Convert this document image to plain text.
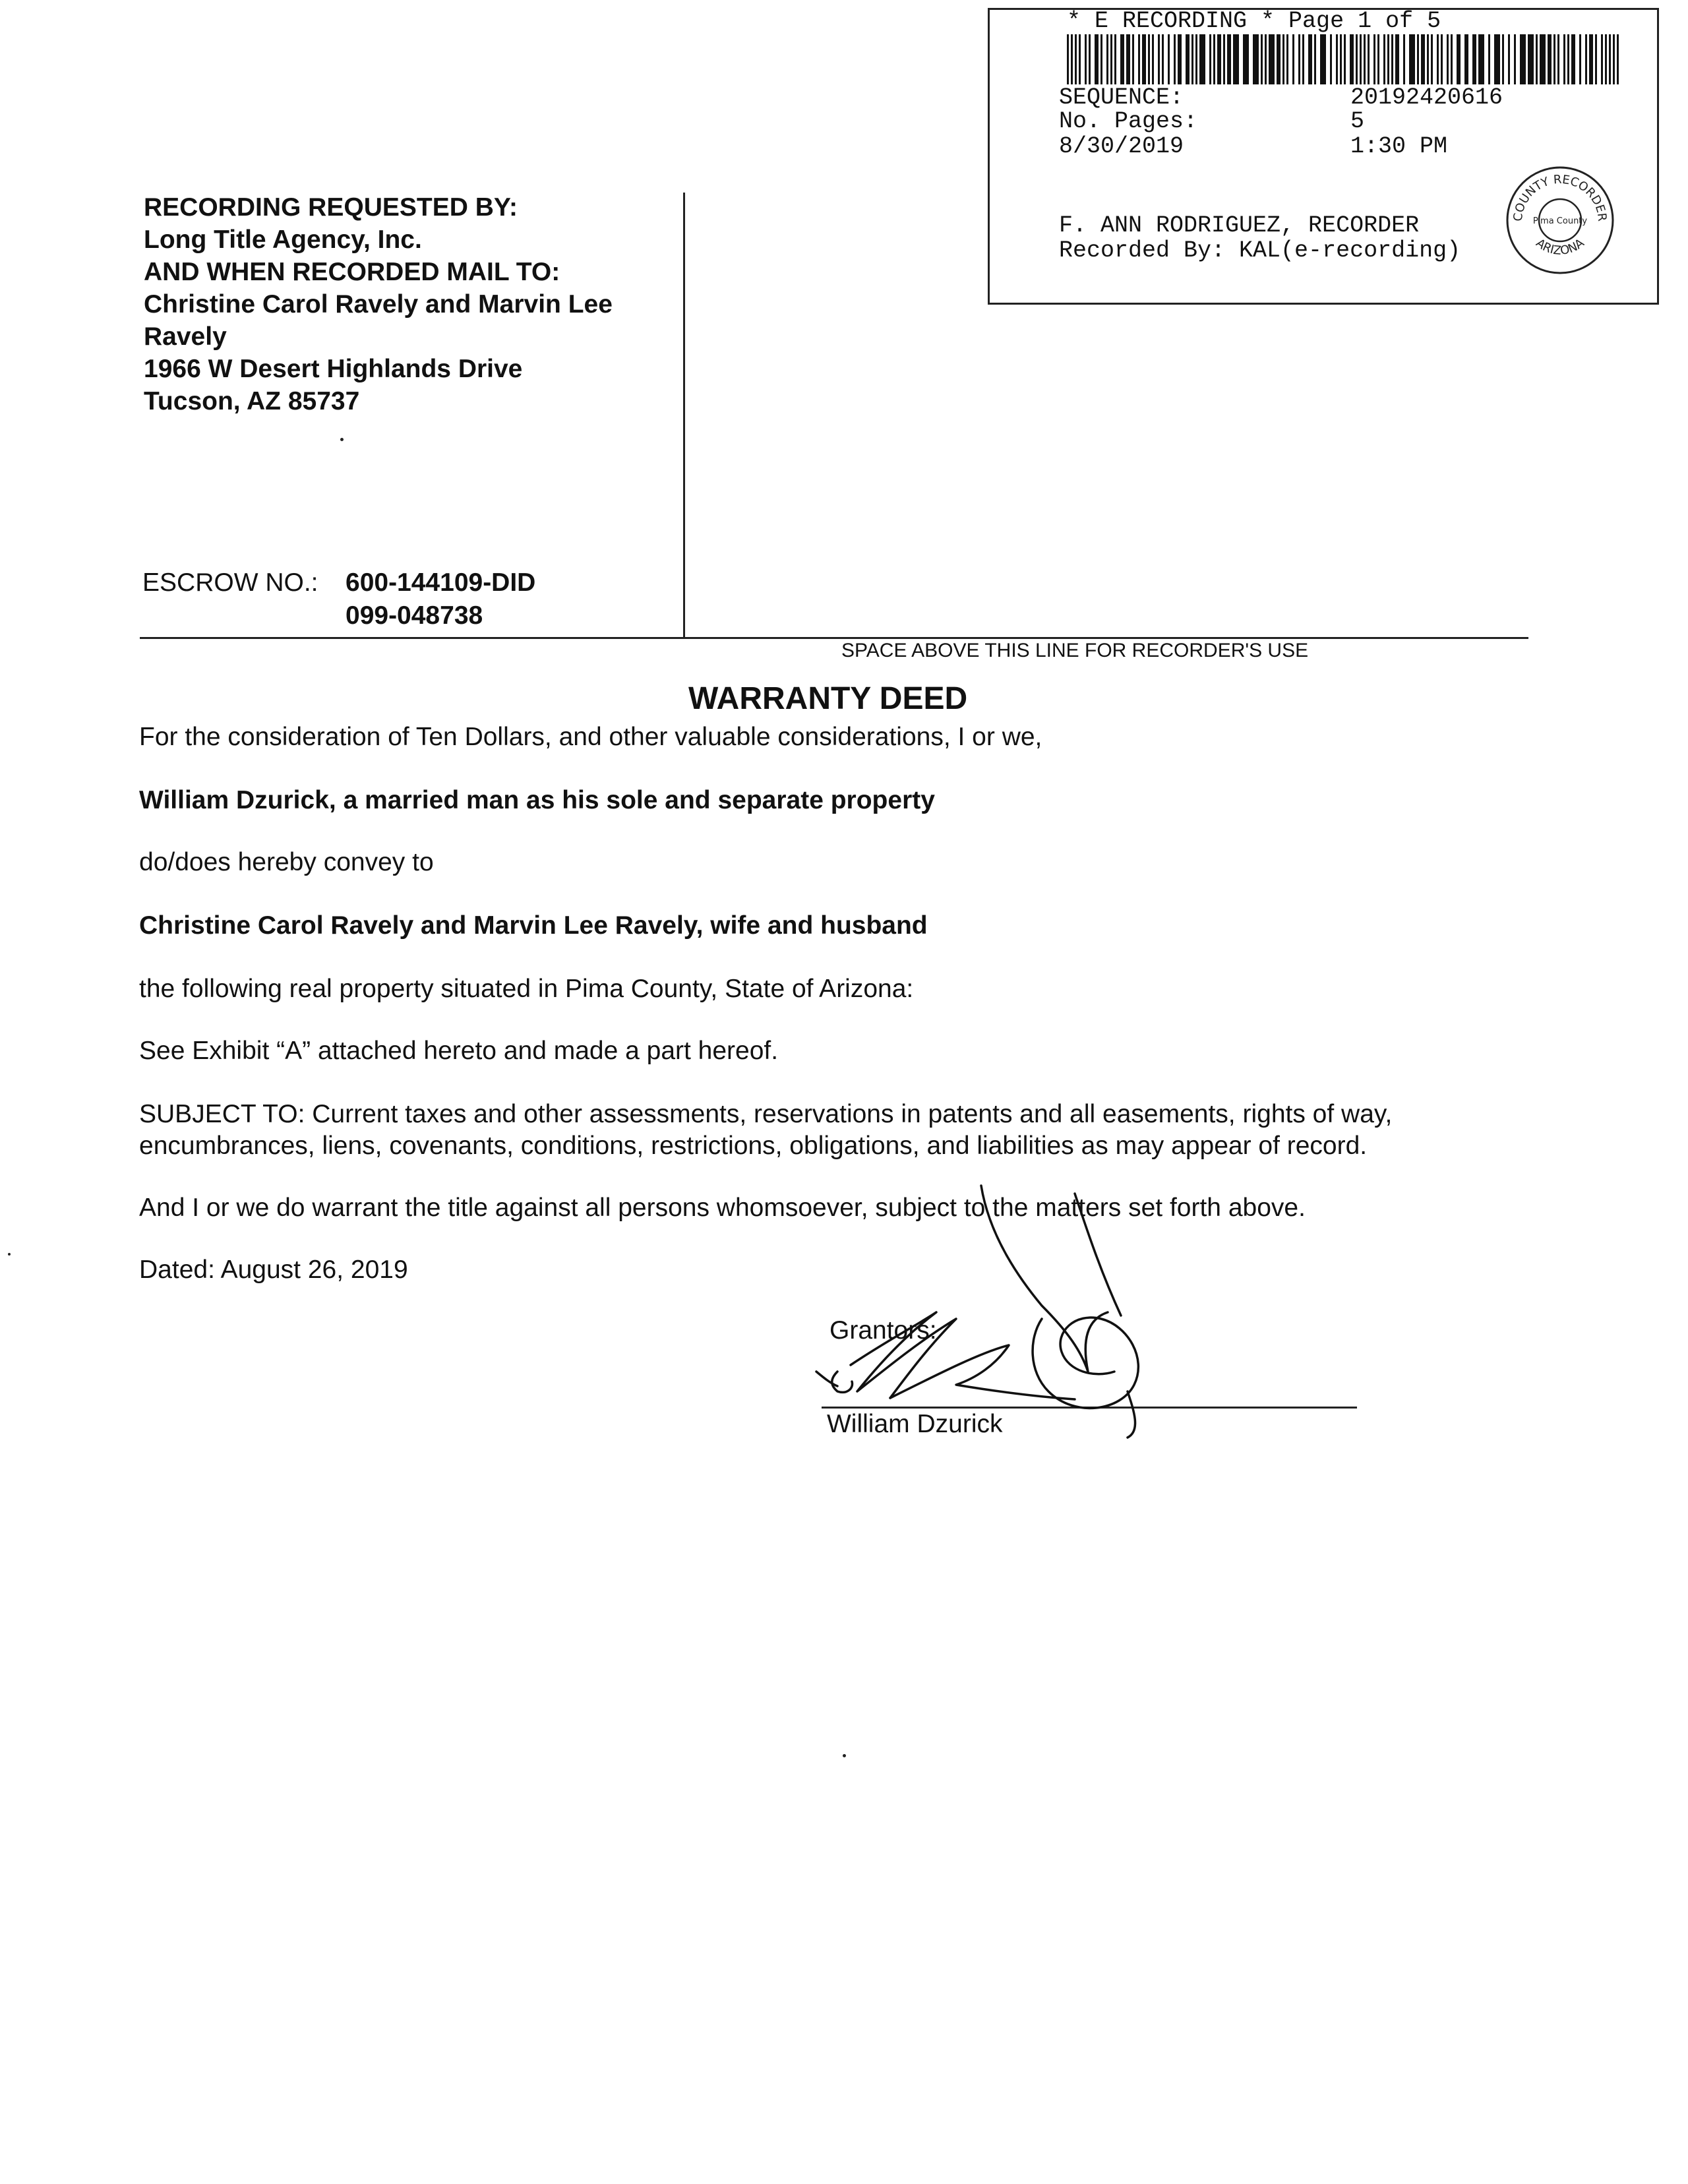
* E RECORDING * Page 1 of 5
SEQUENCE:	20192420616
No. Pages:	5
8/30/2019	1:30 PM
F. ANN RODRIGUEZ, RECORDER
Recorded By: KAL(e-recording)
COUNTY RECORDER
ARIZONA
Pima County
RECORDING REQUESTED BY:
Long Title Agency, Inc.
AND WHEN RECORDED MAIL TO:
Christine Carol Ravely and Marvin Lee
Ravely
1966 W Desert Highlands Drive
Tucson, AZ 85737
ESCROW NO.: 600-144109-DID
099-048738
SPACE ABOVE THIS LINE FOR RECORDER'S USE
WARRANTY DEED
For the consideration of Ten Dollars, and other valuable considerations, I or we,
William Dzurick, a married man as his sole and separate property
do/does hereby convey to
Christine Carol Ravely and Marvin Lee Ravely, wife and husband
the following real property situated in Pima County, State of Arizona:
See Exhibit “A” attached hereto and made a part hereof.
SUBJECT TO: Current taxes and other assessments, reservations in patents and all easements, rights of way,
encumbrances, liens, covenants, conditions, restrictions, obligations, and liabilities as may appear of record.
And I or we do warrant the title against all persons whomsoever, subject to the matters set forth above.
Dated: August 26, 2019
Grantors:
William Dzurick
